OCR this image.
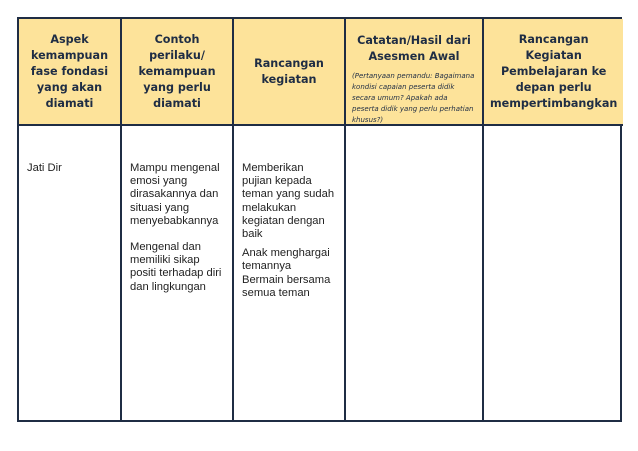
Aspek kemampuan fase fondasi yang akan diamati
Contoh perilaku/ kemampuan yang perlu diamati
Rancangan kegiatan
Catatan/Hasil dari Asesmen Awal
(Pertanyaan pemandu: Bagaimana kondisi capaian peserta didik secara umum? Apakah ada peserta didik yang perlu perhatian khusus?)
Rancangan Kegiatan Pembelajaran ke depan perlu mempertimbangkan

Jati Dir	Mampu mengenal emosi yang dirasakannya dan situasi yang menyebabkannya

Mengenal dan memiliki sikap positi terhadap diri dan lingkungan

Memberikan pujian kepada teman yang sudah melakukan kegiatan dengan baik

Anak menghargai temannya

Bermain bersama semua teman
